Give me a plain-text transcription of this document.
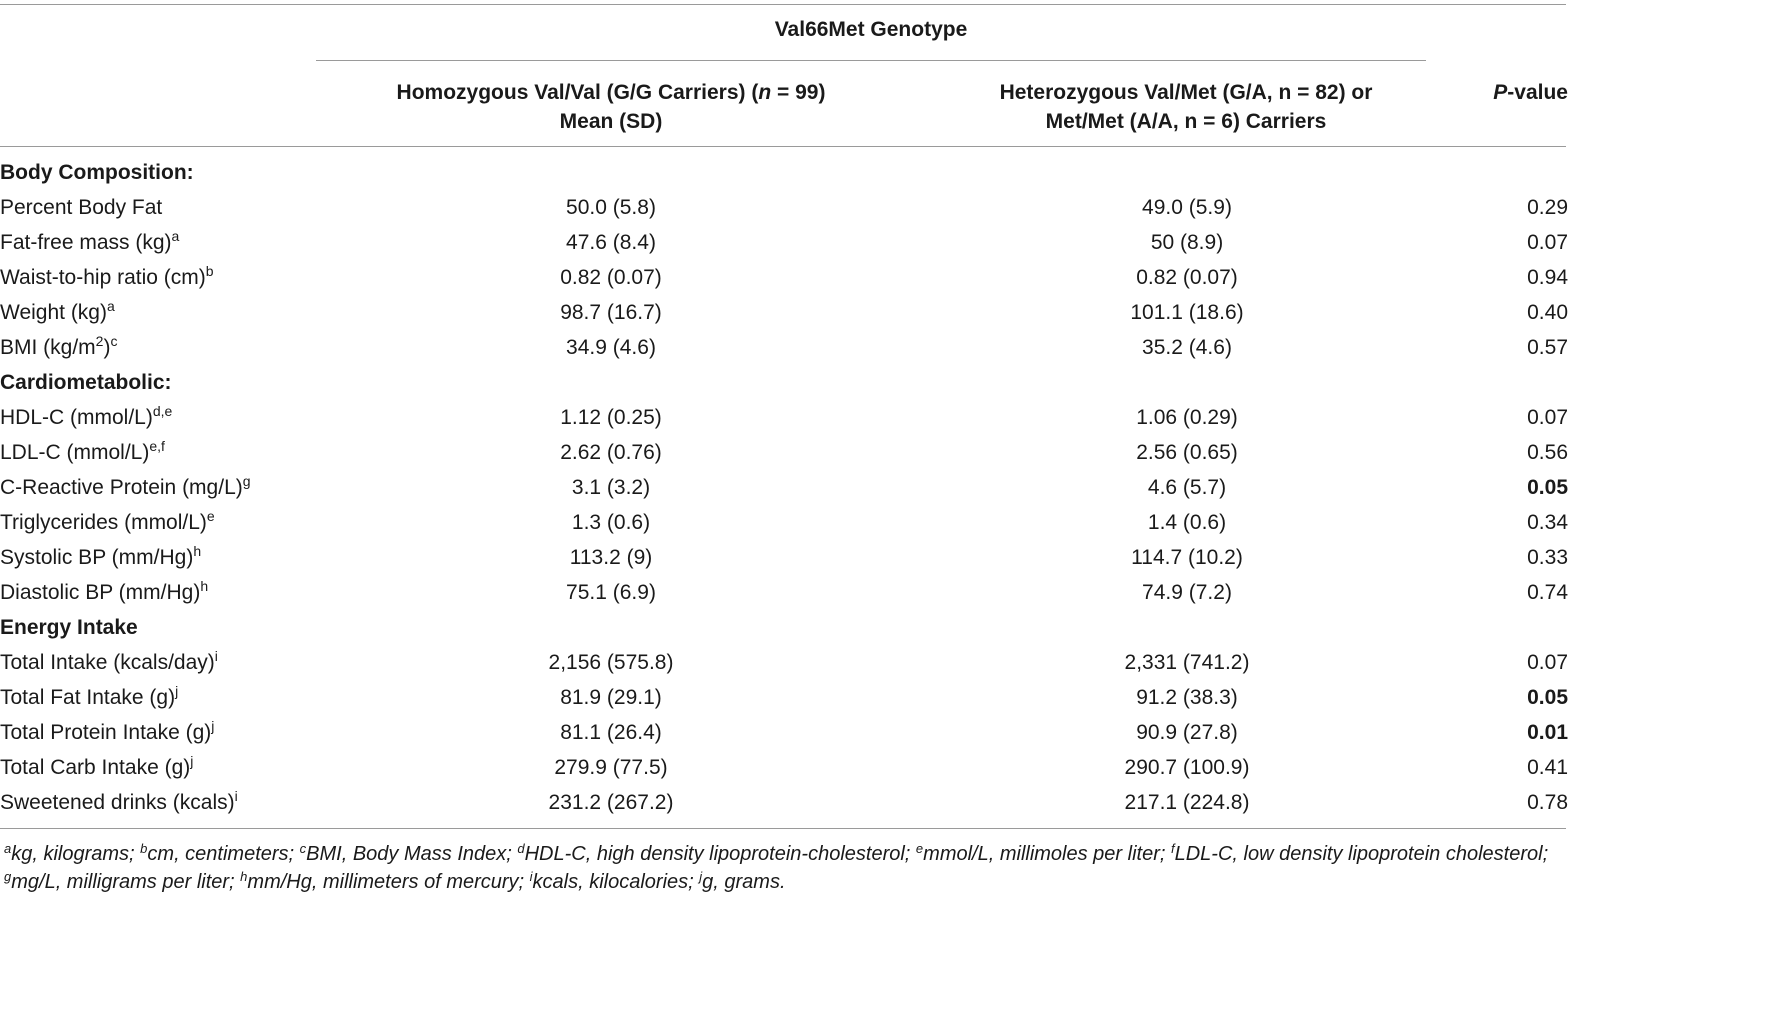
Val66Met Genotype
Homozygous Val/Val (G/G Carriers) (n = 99)
Mean (SD)
Heterozygous Val/Met (G/A, n = 82) or
Met/Met (A/A, n = 6) Carriers
P-value
Body Composition:			
Percent Body Fat	50.0 (5.8)	49.0 (5.9)	0.29
Fat-free mass (kg)$^a$	47.6 (8.4)	50 (8.9)	0.07
Waist-to-hip ratio (cm)$^b$	0.82 (0.07)	0.82 (0.07)	0.94
Weight (kg)$^a$	98.7 (16.7)	101.1 (18.6)	0.40
BMI $(kg/m^2)^c$	34.9 (4.6)	35.2 (4.6)	0.57
Cardiometabolic:			
HDL-C (mmol/L)$^{d,e}$	1.12 (0.25)	1.06 (0.29)	0.07
LDL-C (mmol/L)$^{e,f}$	2.62 (0.76)	2.56 (0.65)	0.56
C-Reactive Protein $(mg/L)^g$	3.1 (3.2)	4.6 (5.7)	0.05
Triglycerides (mmol/L)$^e$	1.3 (0.6)	1.4 (0.6)	0.34
Systolic BP $(mm/Hg)^h$	113.2 (9)	114.7 (10.2)	0.33
Diastolic BP $(mm/Hg)^h$	75.1 (6.9)	74.9 (7.2)	0.74
Energy Intake			
Total Intake (kcals/day)$^i$	2,156 (575.8)	2,331 (741.2)	0.07
Total Fat Intake $(g)^j$	81.9 (29.1)	91.2 (38.3)	0.05
Total Protein Intake $(g)^j$	81.1 (26.4)	90.9 (27.8)	0.01
Total Carb Intake $(g)^j$	279.9 (77.5)	290.7 (100.9)	0.41
Sweetened drinks (kcals)$^i$	231.2 (267.2)	217.1 (224.8)	0.78
$^a$kg, kilograms; $^b$cm, centimeters; $^c$BMI, Body Mass Index; $^d$HDL-C, high density lipoprotein-cholesterol; $^e$mmol/L, millimoles per liter; $^f$LDL-C, low density lipoprotein cholesterol; $^g$mg/L, milligrams per liter; $^h$mm/Hg, millimeters of mercury; $^i$kcals, kilocalories; $^j$g, grams.
